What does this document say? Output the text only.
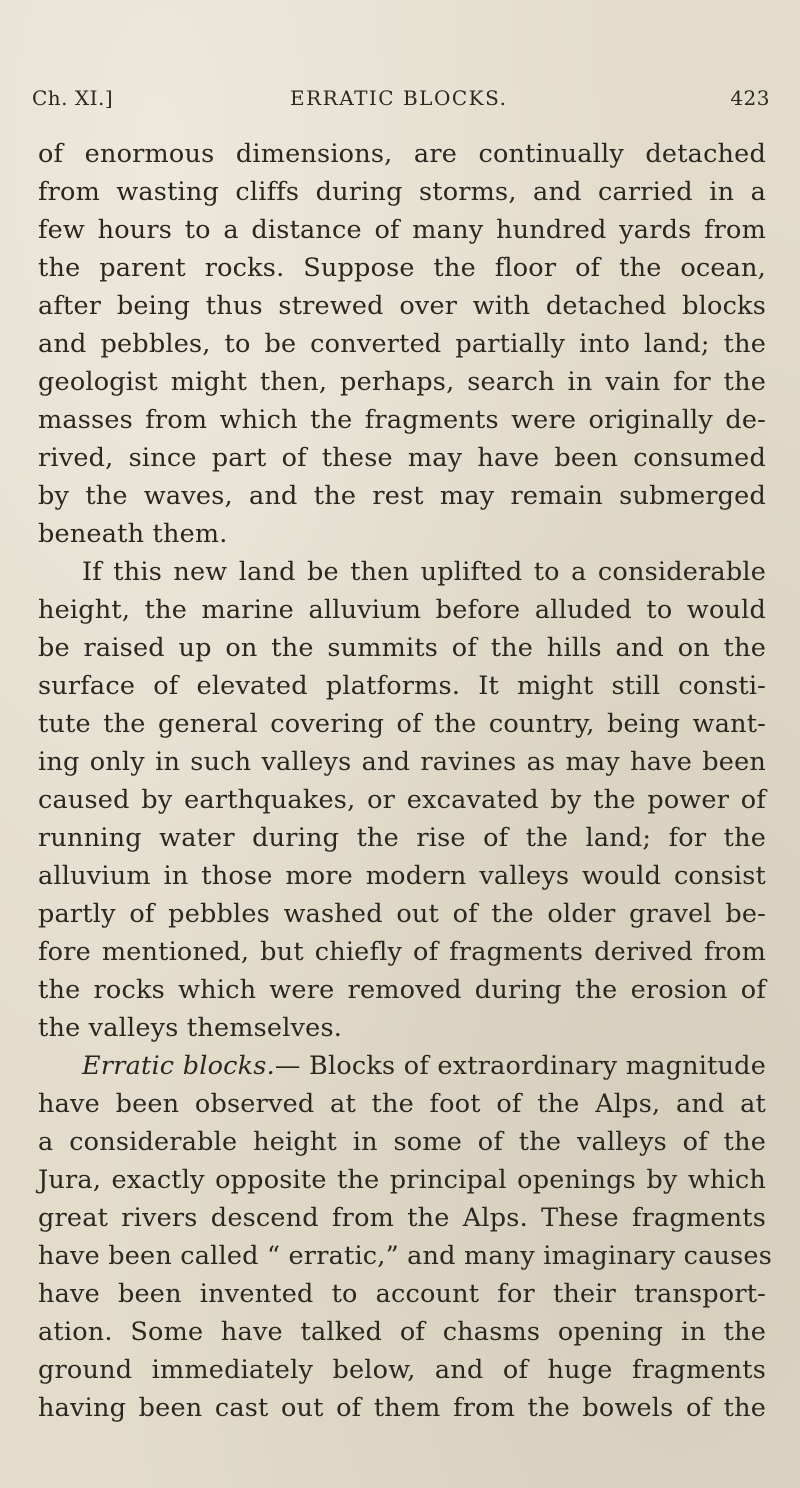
Ch. XI.]	ERRATIC BLOCKS.	423
of enormous dimensions, are continually detached
from wasting cliffs during storms, and carried in a
few hours to a distance of many hundred yards from
the parent rocks. Suppose the floor of the ocean,
after being thus strewed over with detached blocks
and pebbles, to be converted partially into land; the
geologist might then, perhaps, search in vain for the
masses from which the fragments were originally de-
rived, since part of these may have been consumed
by the waves, and the rest may remain submerged
beneath them.
If this new land be then uplifted to a considerable
height, the marine alluvium before alluded to would
be raised up on the summits of the hills and on the
surface of elevated platforms. It might still consti-
tute the general covering of the country, being want-
ing only in such valleys and ravines as may have been
caused by earthquakes, or excavated by the power of
running water during the rise of the land; for the
alluvium in those more modern valleys would consist
partly of pebbles washed out of the older gravel be-
fore mentioned, but chiefly of fragments derived from
the rocks which were removed during the erosion of
the valleys themselves.
Erratic blocks.— Blocks of extraordinary magnitude
have been observed at the foot of the Alps, and at
a considerable height in some of the valleys of the
Jura, exactly opposite the principal openings by which
great rivers descend from the Alps. These fragments
have been called “ erratic,” and many imaginary causes
have been invented to account for their transport-
ation. Some have talked of chasms opening in the
ground immediately below, and of huge fragments
having been cast out of them from the bowels of the
